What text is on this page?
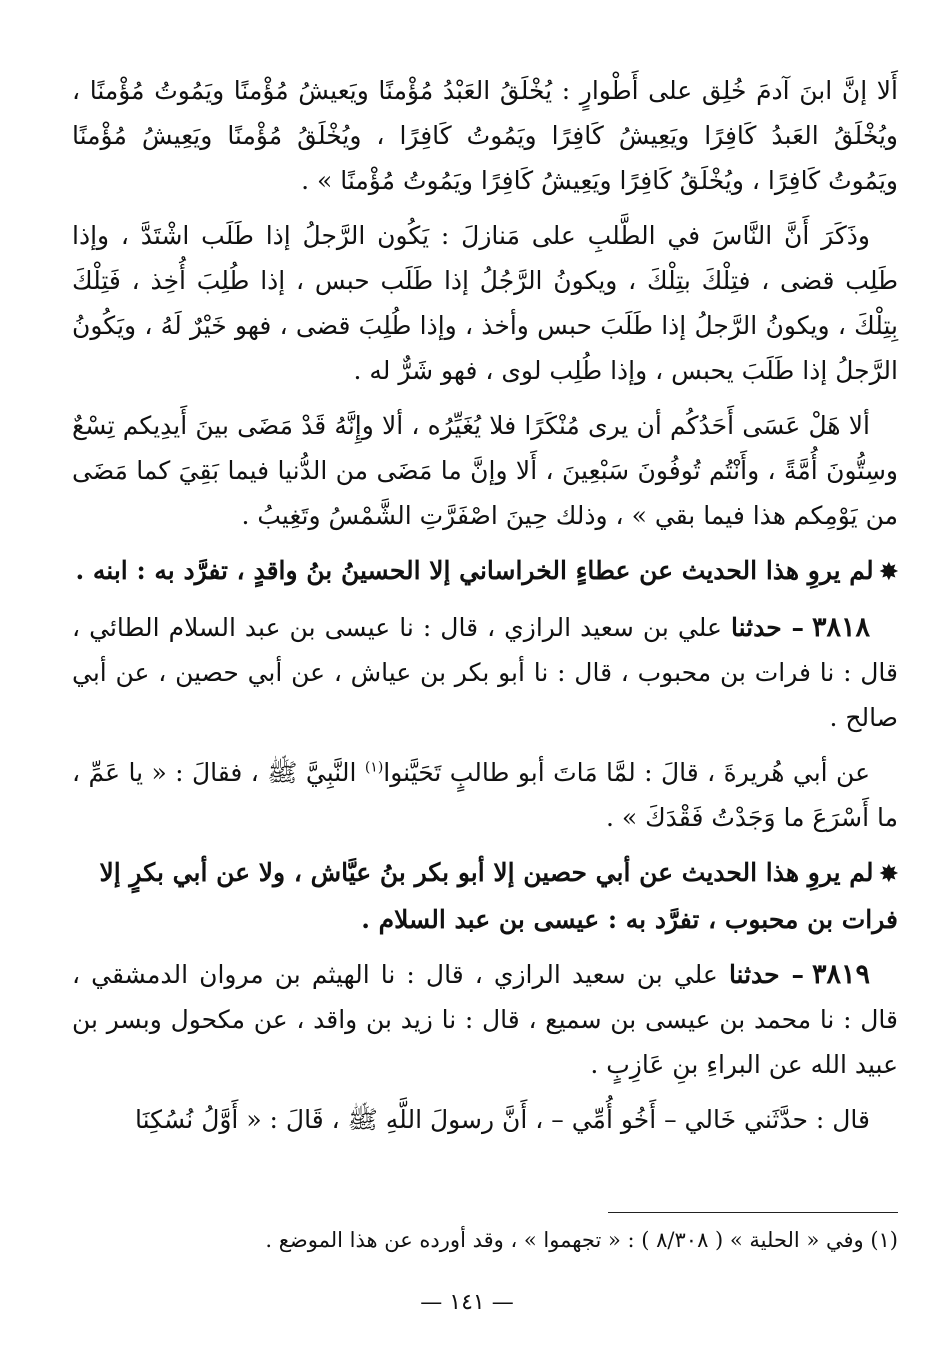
أَلا إنَّ ابنَ آدمَ خُلِق على أَطْوارٍ : يُخْلَقُ العَبْدُ مُؤْمنًا ويَعيشُ مُؤْمنًا ويَمُوتُ مُؤْمنًا ، ويُخْلَقُ العَبدُ كَافِرًا ويَعِيشُ كَافِرًا ويَمُوتُ كَافِرًا ، ويُخْلَقُ مُؤْمنًا ويَعِيشُ مُؤْمنًا ويَمُوتُ كَافِرًا ، ويُخْلَقُ كَافِرًا ويَعِيشُ كَافِرًا ويَمُوتُ مُؤْمنًا » .

وذَكَرَ أَنَّ النَّاسَ في الطَّلبِ على مَنازلَ : يَكُون الرَّجلُ إذا طَلَب اشْتَدَّ ، وإذا طَلِب قضى ، فتِلْكَ بتِلْكَ ، ويكونُ الرَّجُلُ إذا طَلَب حبس ، إذا طُلِبَ أُخِذ ، فَتِلْكَ بِتِلْكَ ، ويكونُ الرَّجلُ إذا طَلَبَ حبس وأخذ ، وإذا طُلِبَ قضى ، فهو خَيْرٌ لَهُ ، ويَكُونُ الرَّجلُ إذا طَلَبَ يحبس ، وإذا طُلِب لوى ، فهو شَرٌّ له .

ألا هَلْ عَسَى أَحَدُكُم أن يرى مُنْكَرًا فلا يُغَيِّرُه ، ألا وإِنَّهُ قَدْ مَضَى بينَ أَيدِيكم تِسْعٌ وسِتُّونَ أُمَّةً ، وأَنْتُم تُوفُونَ سَبْعِينَ ، أَلا وإنَّ ما مَضَى من الدُّنيا فيما بَقِيَ كما مَضَى من يَوْمِكم هذا فيما بقي » ، وذلك حِينَ اصْفَرَّتِ الشَّمْسُ وتَغِيبُ .

✸لم يروِ هذا الحديث عن عطاءٍ الخراساني إلا الحسينُ بنُ واقدٍ ، تفرَّد به : ابنه .

٣٨١٨– حدثنا علي بن سعيد الرازي ، قال : نا عيسى بن عبد السلام الطائي ، قال : نا فرات بن محبوب ، قال : نا أبو بكر بن عياش ، عن أبي حصين ، عن أبي صالح .

عن أبي هُريرةَ ، قالَ : لمَّا مَاتَ أبو طالبٍ تَحَيَّنوا$^{(١)}$ النَّبِيَّ ﷺ ، فقالَ : « يا عَمِّ ، ما أَسْرَعَ ما وَجَدْتُ فَقْدَكَ » .

✸لم يروِ هذا الحديث عن أبي حصين إلا أبو بكر بنُ عيَّاش ، ولا عن أبي بكرٍ إلا فرات بن محبوب ، تفرَّد به : عيسى بن عبد السلام .

٣٨١٩– حدثنا علي بن سعيد الرازي ، قال : نا الهيثم بن مروان الدمشقي ، قال : نا محمد بن عيسى بن سميع ، قال : نا زيد بن واقد ، عن مكحول وبسر بن عبيد الله عن البراءِ بنِ عَازِبٍ .

قال : حدَّثَني خَالي – أَخُو أُمِّي – ، أَنَّ رسولَ اللَّهِ ﷺ ، قَالَ : « أَوَّلُ نُسُكِنَا

(١) وفي « الحلية » ( ٨/٣٠٨ ) : « تجهموا » ، وقد أورده عن هذا الموضع .
— ١٤١ —
